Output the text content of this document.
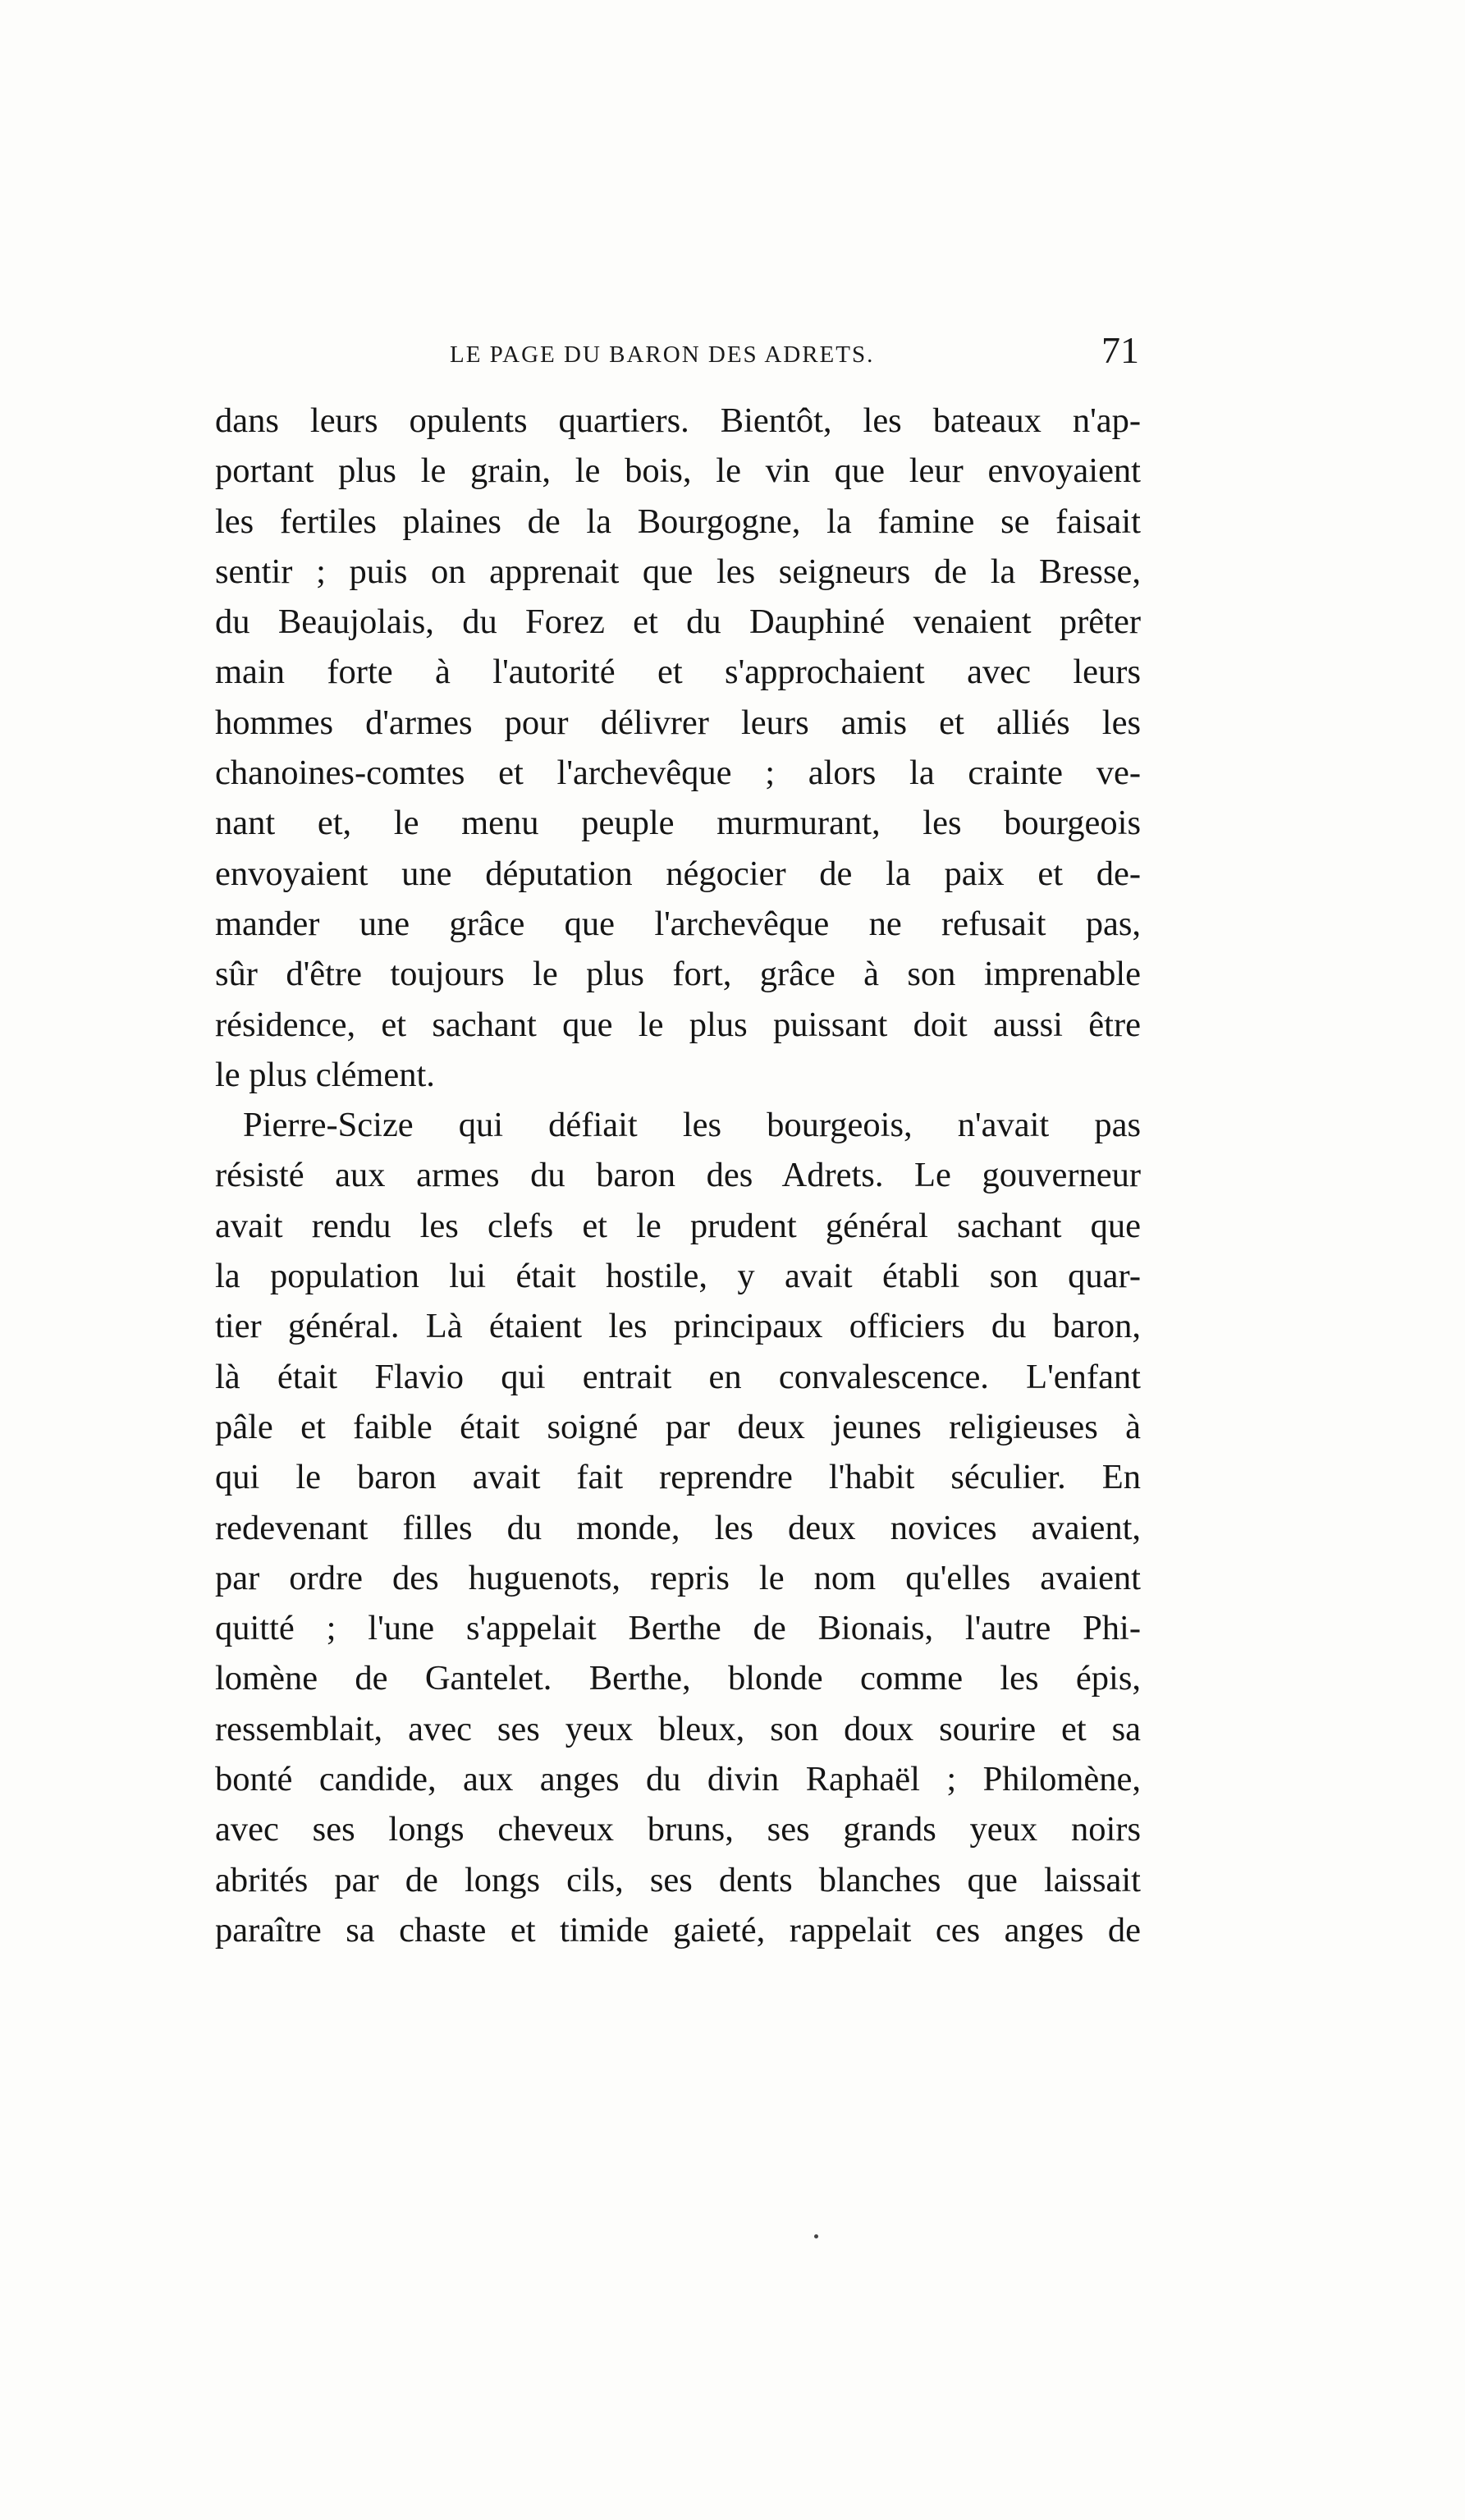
LE PAGE DU BARON DES ADRETS.	71
dans leurs opulents quartiers. Bientôt, les bateaux n'ap-
portant plus le grain, le bois, le vin que leur envoyaient
les fertiles plaines de la Bourgogne, la famine se faisait
sentir ; puis on apprenait que les seigneurs de la Bresse,
du Beaujolais, du Forez et du Dauphiné venaient prêter
main forte à l'autorité et s'approchaient avec leurs
hommes d'armes pour délivrer leurs amis et alliés les
chanoines-comtes et l'archevêque ; alors la crainte ve-
nant et, le menu peuple murmurant, les bourgeois
envoyaient une députation négocier de la paix et de-
mander une grâce que l'archevêque ne refusait pas,
sûr d'être toujours le plus fort, grâce à son imprenable
résidence, et sachant que le plus puissant doit aussi être
le plus clément.
Pierre-Scize qui défiait les bourgeois, n'avait pas
résisté aux armes du baron des Adrets. Le gouverneur
avait rendu les clefs et le prudent général sachant que
la population lui était hostile, y avait établi son quar-
tier général. Là étaient les principaux officiers du baron,
là était Flavio qui entrait en convalescence. L'enfant
pâle et faible était soigné par deux jeunes religieuses à
qui le baron avait fait reprendre l'habit séculier. En
redevenant filles du monde, les deux novices avaient,
par ordre des huguenots, repris le nom qu'elles avaient
quitté ; l'une s'appelait Berthe de Bionais, l'autre Phi-
lomène de Gantelet. Berthe, blonde comme les épis,
ressemblait, avec ses yeux bleux, son doux sourire et sa
bonté candide, aux anges du divin Raphaël ; Philomène,
avec ses longs cheveux bruns, ses grands yeux noirs
abrités par de longs cils, ses dents blanches que laissait
paraître sa chaste et timide gaieté, rappelait ces anges de
